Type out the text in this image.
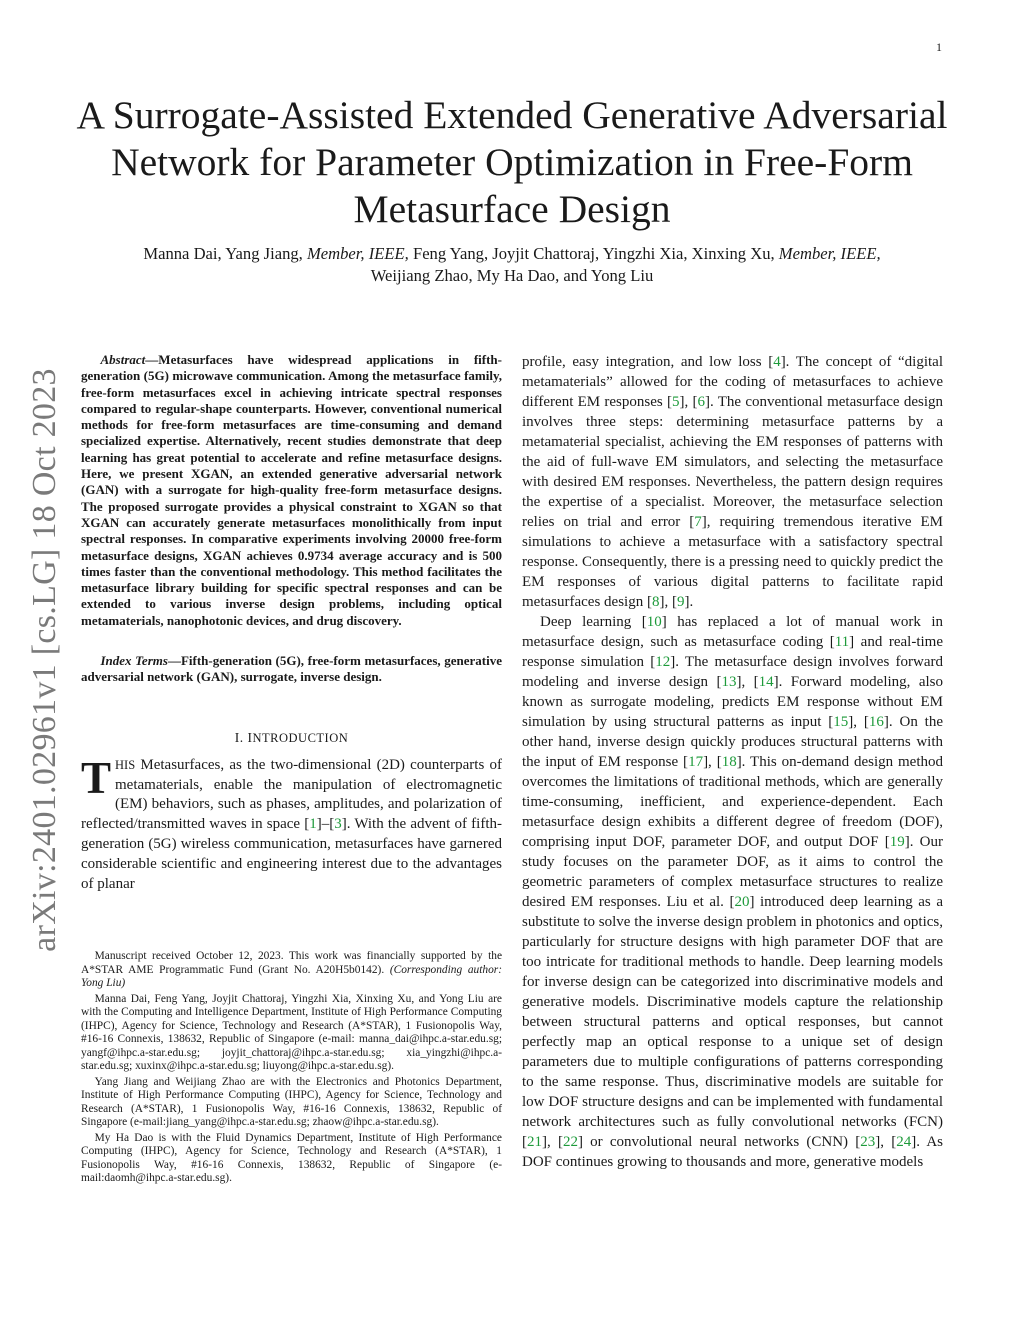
1
arXiv:2401.02961v1 [cs.LG] 18 Oct 2023
A Surrogate-Assisted Extended Generative Adversarial Network for Parameter Optimization in Free-Form Metasurface Design
Manna Dai, Yang Jiang, Member, IEEE, Feng Yang, Joyjit Chattoraj, Yingzhi Xia, Xinxing Xu, Member, IEEE,
Weijiang Zhao, My Ha Dao, and Yong Liu

Abstract—Metasurfaces have widespread applications in fifth-generation (5G) microwave communication. Among the metasurface family, free-form metasurfaces excel in achieving intricate spectral responses compared to regular-shape counterparts. However, conventional numerical methods for free-form metasurfaces are time-consuming and demand specialized expertise. Alternatively, recent studies demonstrate that deep learning has great potential to accelerate and refine metasurface designs. Here, we present XGAN, an extended generative adversarial network (GAN) with a surrogate for high-quality free-form metasurface designs. The proposed surrogate provides a physical constraint to XGAN so that XGAN can accurately generate metasurfaces monolithically from input spectral responses. In comparative experiments involving 20000 free-form metasurface designs, XGAN achieves 0.9734 average accuracy and is 500 times faster than the conventional methodology. This method facilitates the metasurface library building for specific spectral responses and can be extended to various inverse design problems, including optical metamaterials, nanophotonic devices, and drug discovery.

Index Terms—Fifth-generation (5G), free-form metasurfaces, generative adversarial network (GAN), surrogate, inverse design.

I. INTRODUCTION

THIS Metasurfaces, as the two-dimensional (2D) counterparts of metamaterials, enable the manipulation of electromagnetic (EM) behaviors, such as phases, amplitudes, and polarization of reflected/transmitted waves in space [1]–[3]. With the advent of fifth-generation (5G) wireless communication, metasurfaces have garnered considerable scientific and engineering interest due to the advantages of planar

Manuscript received October 12, 2023. This work was financially supported by the A*STAR AME Programmatic Fund (Grant No. A20H5b0142). (Corresponding author: Yong Liu)

Manna Dai, Feng Yang, Joyjit Chattoraj, Yingzhi Xia, Xinxing Xu, and Yong Liu are with the Computing and Intelligence Department, Institute of High Performance Computing (IHPC), Agency for Science, Technology and Research (A*STAR), 1 Fusionopolis Way, #16-16 Connexis, 138632, Republic of Singapore (e-mail: manna_dai@ihpc.a-star.edu.sg; yangf@ihpc.a-star.edu.sg; joyjit_chattoraj@ihpc.a-star.edu.sg; xia_yingzhi@ihpc.a-star.edu.sg; xuxinx@ihpc.a-star.edu.sg; liuyong@ihpc.a-star.edu.sg).

Yang Jiang and Weijiang Zhao are with the Electronics and Photonics Department, Institute of High Performance Computing (IHPC), Agency for Science, Technology and Research (A*STAR), 1 Fusionopolis Way, #16-16 Connexis, 138632, Republic of Singapore (e-mail:jiang_yang@ihpc.a-star.edu.sg; zhaow@ihpc.a-star.edu.sg).

My Ha Dao is with the Fluid Dynamics Department, Institute of High Performance Computing (IHPC), Agency for Science, Technology and Research (A*STAR), 1 Fusionopolis Way, #16-16 Connexis, 138632, Republic of Singapore (e-mail:daomh@ihpc.a-star.edu.sg).

profile, easy integration, and low loss [4]. The concept of “digital metamaterials” allowed for the coding of metasurfaces to achieve different EM responses [5], [6]. The conventional metasurface design involves three steps: determining metasurface patterns by a metamaterial specialist, achieving the EM responses of patterns with the aid of full-wave EM simulators, and selecting the metasurface with desired EM responses. Nevertheless, the pattern design requires the expertise of a specialist. Moreover, the metasurface selection relies on trial and error [7], requiring tremendous iterative EM simulations to achieve a metasurface with a satisfactory spectral response. Consequently, there is a pressing need to quickly predict the EM responses of various digital patterns to facilitate rapid metasurfaces design [8], [9].

Deep learning [10] has replaced a lot of manual work in metasurface design, such as metasurface coding [11] and real-time response simulation [12]. The metasurface design involves forward modeling and inverse design [13], [14]. Forward modeling, also known as surrogate modeling, predicts EM response without EM simulation by using structural patterns as input [15], [16]. On the other hand, inverse design quickly produces structural patterns with the input of EM response [17], [18]. This on-demand design method overcomes the limitations of traditional methods, which are generally time-consuming, inefficient, and experience-dependent. Each metasurface design exhibits a different degree of freedom (DOF), comprising input DOF, parameter DOF, and output DOF [19]. Our study focuses on the parameter DOF, as it aims to control the geometric parameters of complex metasurface structures to realize desired EM responses. Liu et al. [20] introduced deep learning as a substitute to solve the inverse design problem in photonics and optics, particularly for structure designs with high parameter DOF that are too intricate for traditional methods to handle. Deep learning models for inverse design can be categorized into discriminative models and generative models. Discriminative models capture the relationship between structural patterns and optical responses, but cannot perfectly map an optical response to a unique set of design parameters due to multiple configurations of patterns corresponding to the same response. Thus, discriminative models are suitable for low DOF structure designs and can be implemented with fundamental network architectures such as fully convolutional networks (FCN) [21], [22] or convolutional neural networks (CNN) [23], [24]. As DOF continues growing to thousands and more, generative models
